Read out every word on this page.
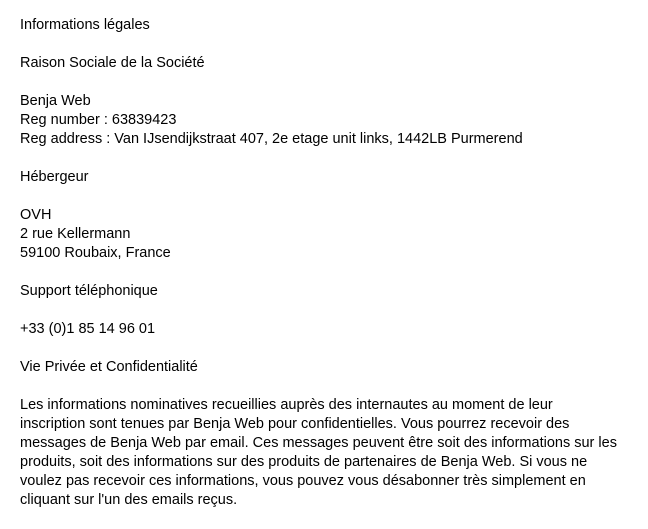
Informations légales
Raison Sociale de la Société
Benja Web
Reg number : 63839423
Reg address : Van IJsendijkstraat 407, 2e etage unit links, 1442LB Purmerend
Hébergeur
OVH
2 rue Kellermann
59100 Roubaix, France
Support téléphonique
+33 (0)1 85 14 96 01
Vie Privée et Confidentialité
Les informations nominatives recueillies auprès des internautes au moment de leur
inscription sont tenues par Benja Web pour confidentielles. Vous pourrez recevoir des
messages de Benja Web par email. Ces messages peuvent être soit des informations sur les
produits, soit des informations sur des produits de partenaires de Benja Web. Si vous ne
voulez pas recevoir ces informations, vous pouvez vous désabonner très simplement en
cliquant sur l'un des emails reçus.
